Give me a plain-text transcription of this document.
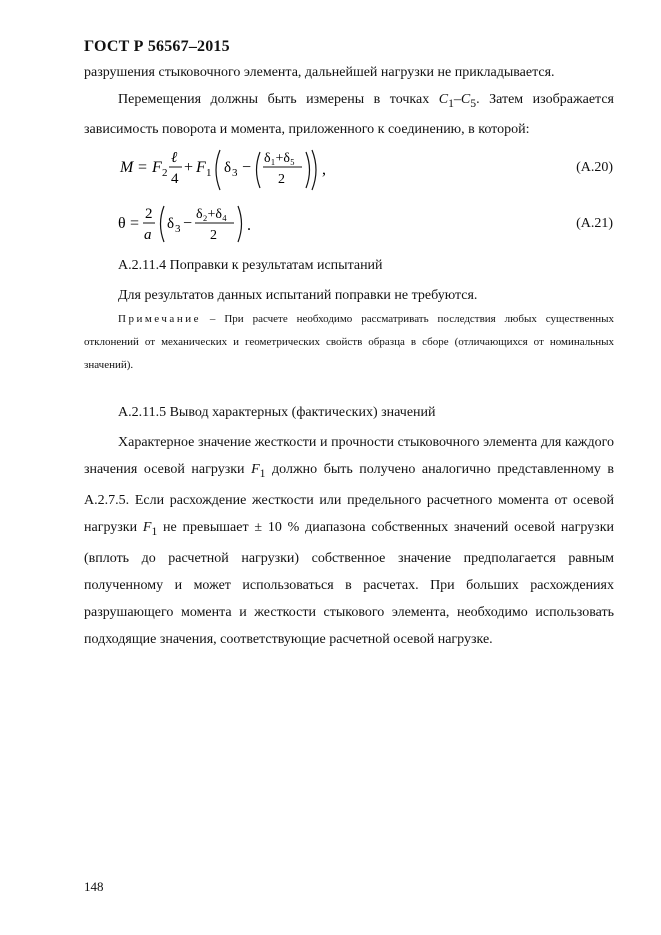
ГОСТ Р 56567–2015
разрушения стыковочного элемента, дальнейшей нагрузки не прикладывается.
Перемещения должны быть измерены в точках $C_1-C_5$. Затем изображается зависимость поворота и момента, приложенного к соединению, в которой:
M = F 2
ℓ
4
+ F 1 δ 3 −
δ₁+δ₅
2
,	(A.20)
θ =
2
a
δ 3 −
δ₂+δ₄
2
.	(A.21)
А.2.11.4 Поправки к результатам испытаний
Для результатов данных испытаний поправки не требуются.
Примечание – При расчете необходимо рассматривать последствия любых существенных отклонений от механических и геометрических свойств образца в сборе (отличающихся от номинальных значений).
А.2.11.5 Вывод характерных (фактических) значений
Характерное значение жесткости и прочности стыковочного элемента для каждого значения осевой нагрузки $F_1$ должно быть получено аналогично представленному в А.2.7.5. Если расхождение жесткости или предельного расчетного момента от осевой нагрузки $F_1$ не превышает ± 10 % диапазона собственных значений осевой нагрузки (вплоть до расчетной нагрузки) собственное значение предполагается равным полученному и может использоваться в расчетах. При больших расхождениях разрушающего момента и жесткости стыкового элемента, необходимо использовать подходящие значения, соответствующие расчетной осевой нагрузке.
148
